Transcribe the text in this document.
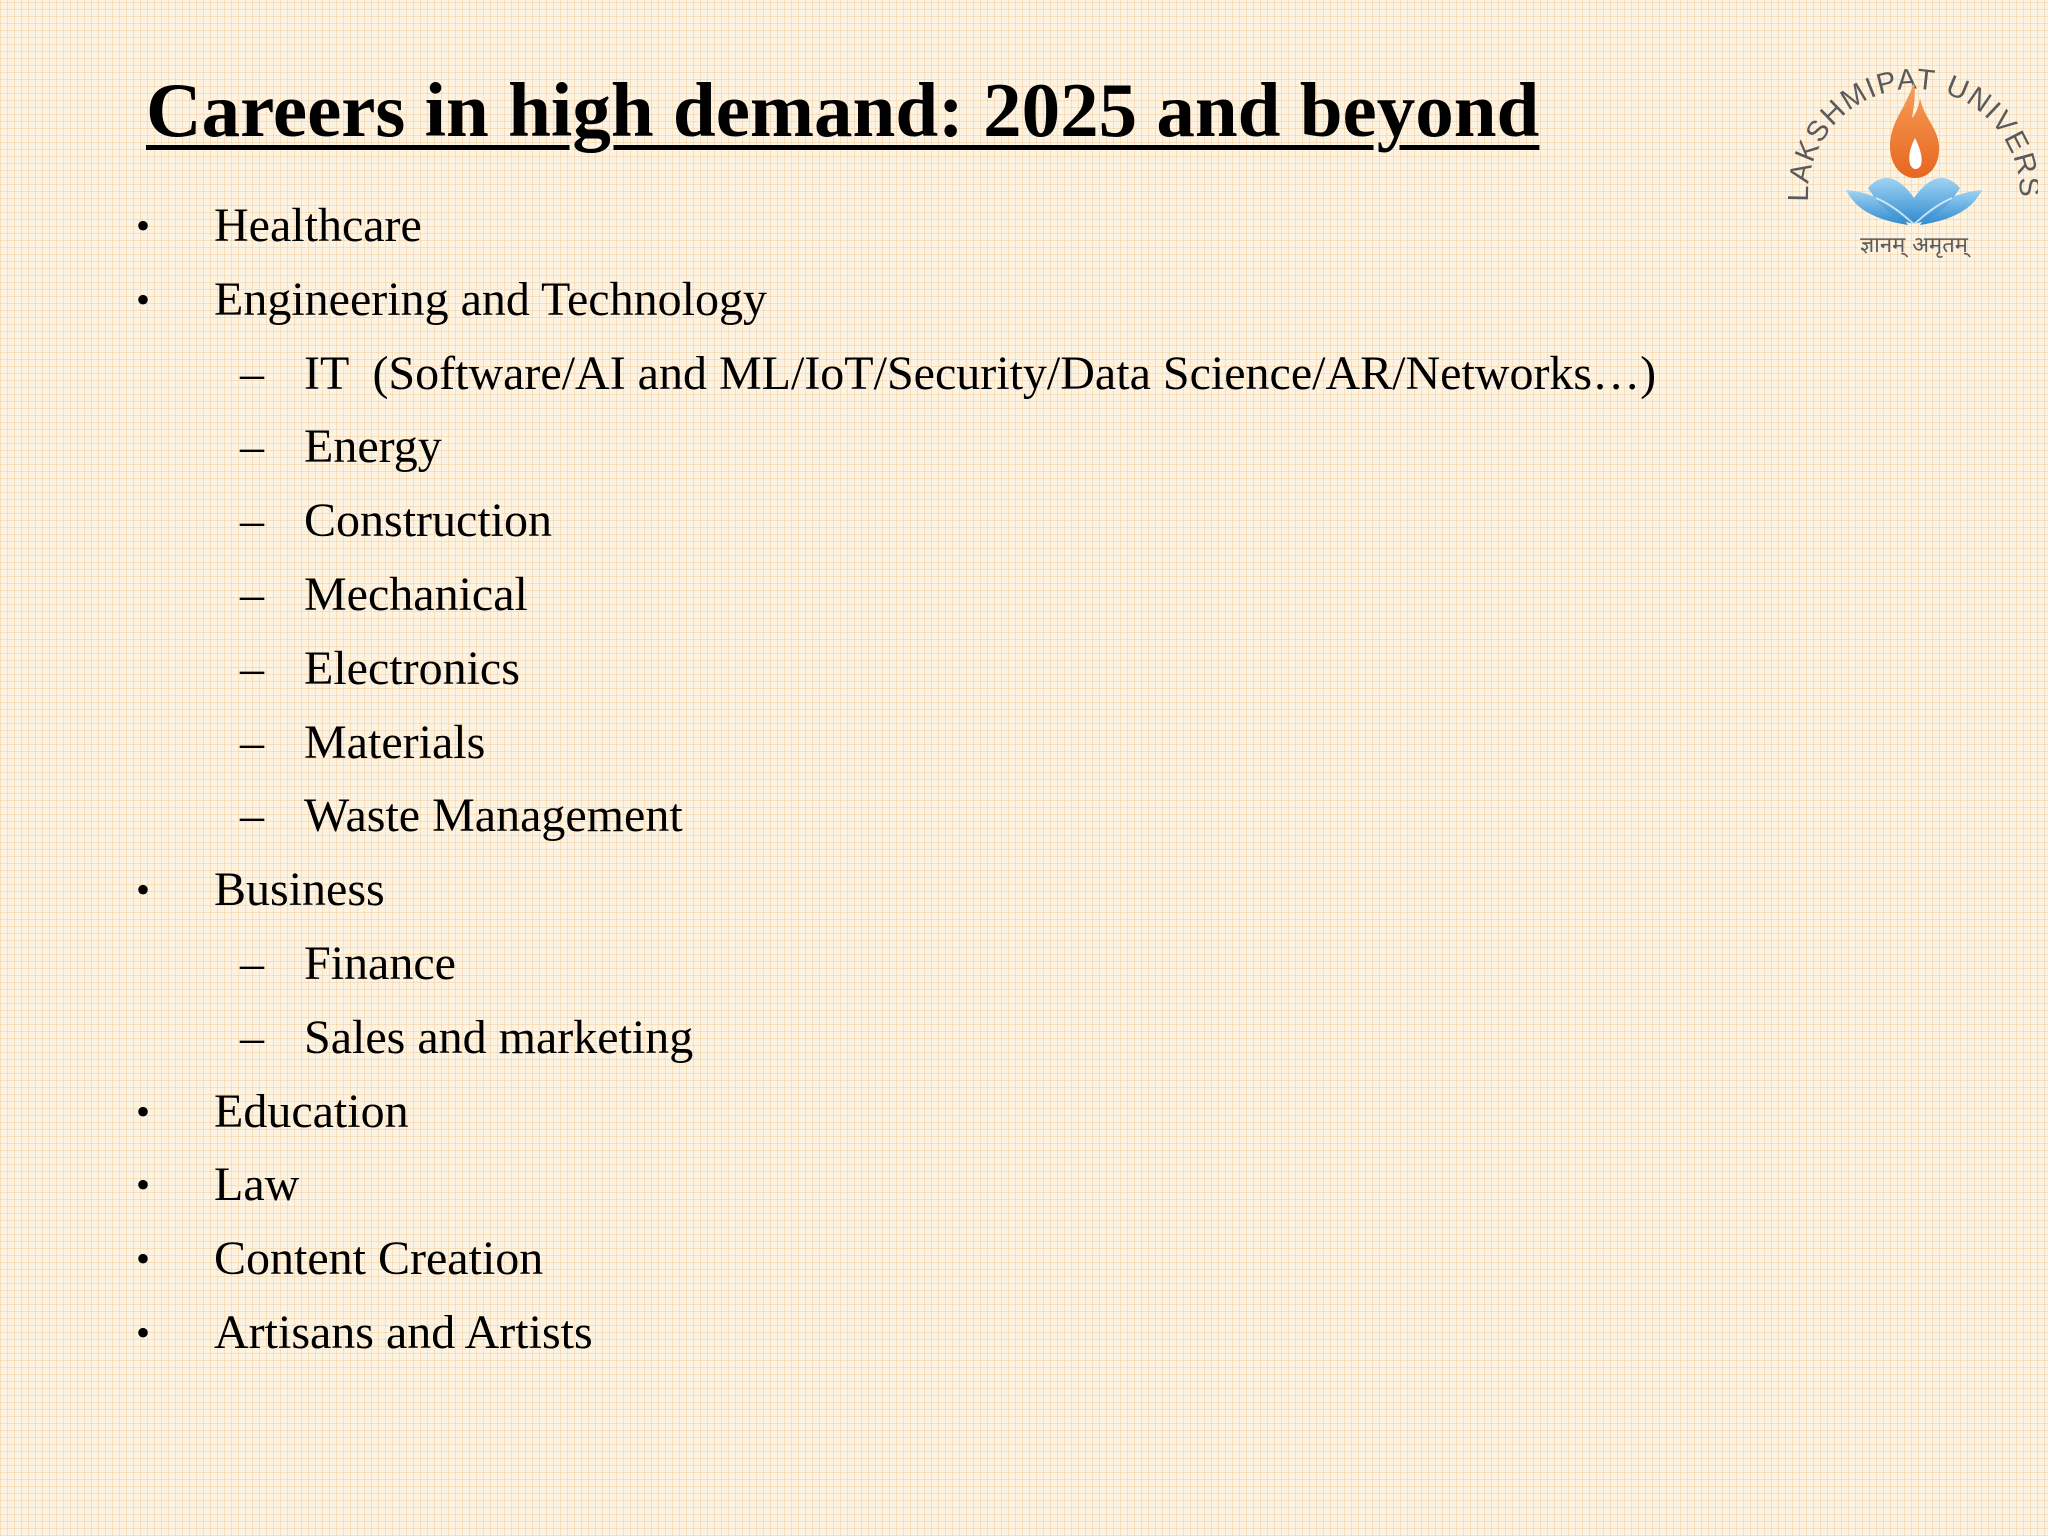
Careers in high demand: 2025 and beyond
• Healthcare
• Engineering and Technology
– IT  (Software/AI and ML/IoT/Security/Data Science/AR/Networks…)
– Energy
– Construction
– Mechanical
– Electronics
– Materials
– Waste Management
• Business
– Finance
– Sales and marketing
• Education
• Law
• Content Creation
• Artisans and Artists
LAKSHMIPAT UNIVE
ज्ञानम् अमृतम्
